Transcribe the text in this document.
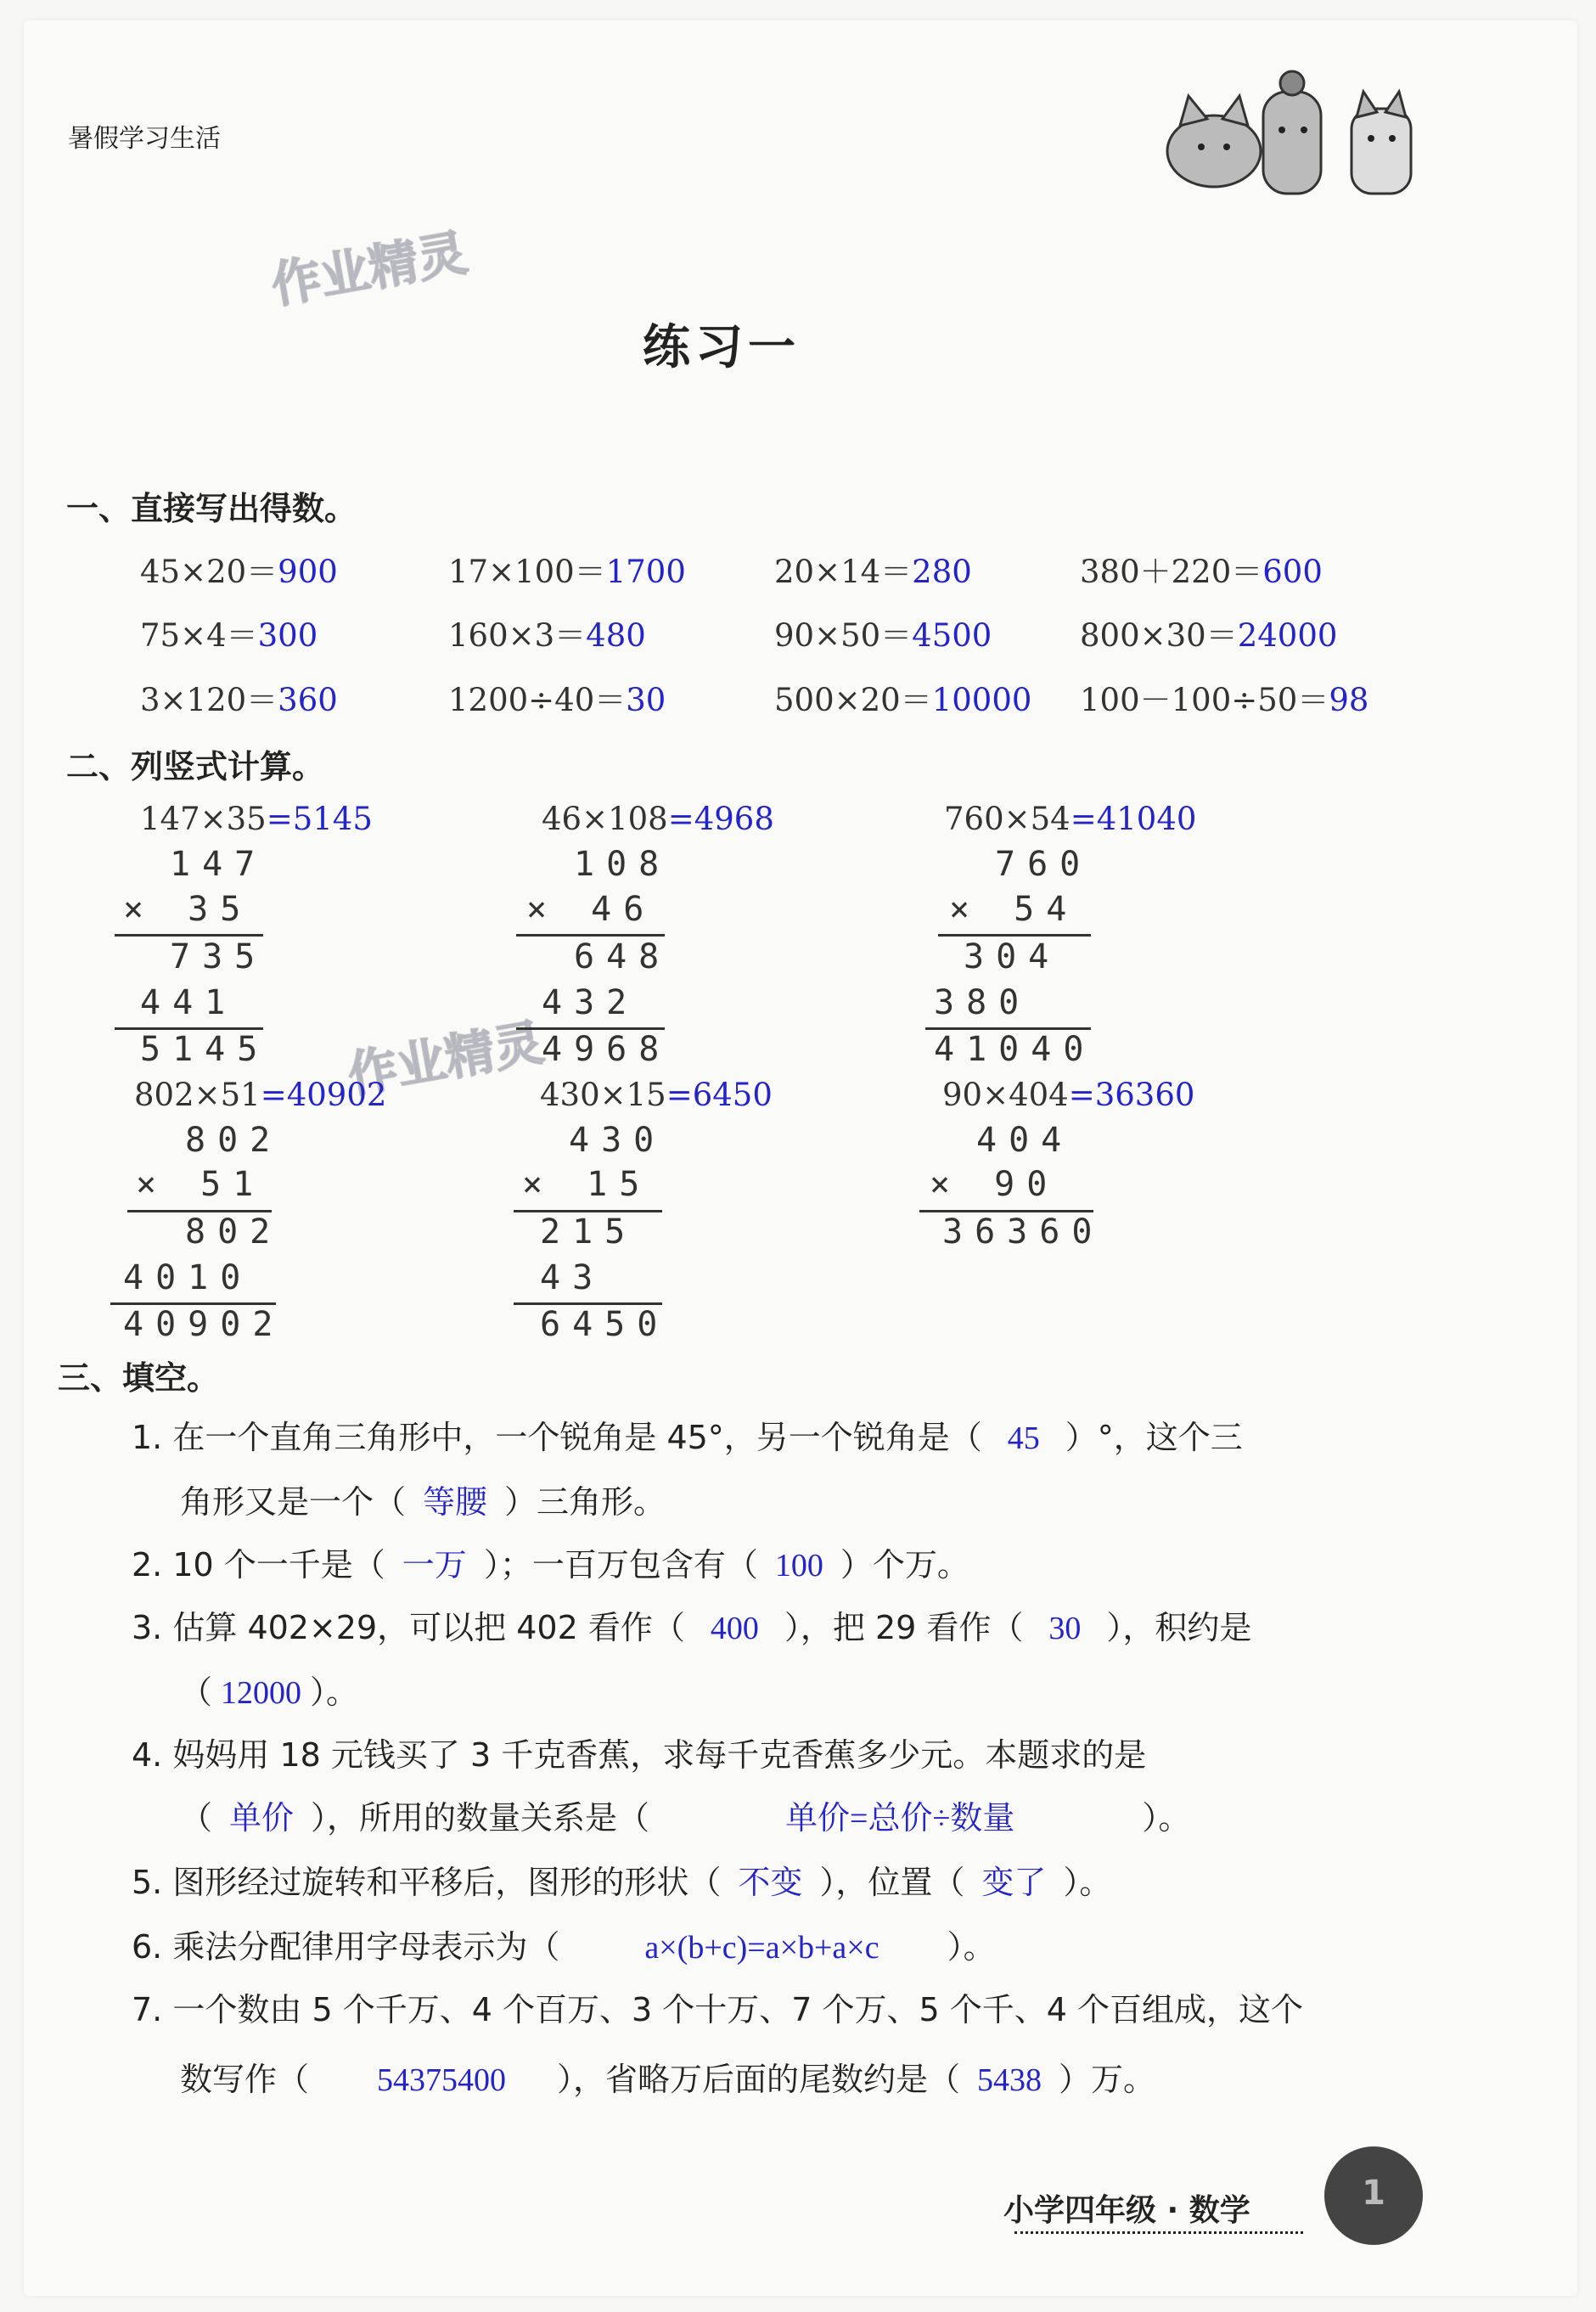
暑假学习生活
作业精灵
作业精灵
练习一
一、直接写出得数。
45×20＝900	17×100＝1700	20×14＝280	380＋220＝600
75×4＝300	160×3＝480	90×50＝4500	800×30＝24000
3×120＝360	1200÷40＝30	500×20＝10000 100－100÷50＝98
二、列竖式计算。
147×35=5145
147
× 35
735
441
5145
46×108=4968
108
× 46
648
432
4968
760×54=41040
760
× 54
304
380
41040
802×51=40902
802
× 51
802
4010
40902
430×15=6450
430
× 15
215
43
6450
90×404=36360
404
× 90
36360
三、填空。
1. 在一个直角三角形中，一个锐角是 45°，另一个锐角是（ 45 ）°，这个三
角形又是一个（ 等腰 ）三角形。
2. 10 个一千是（ 一万 ）；一百万包含有（ 100 ）个万。
3. 估算 402×29，可以把 402 看作（ 400 ），把 29 看作（ 30 ），积约是
（ 12000 ）。
4. 妈妈用 18 元钱买了 3 千克香蕉，求每千克香蕉多少元。本题求的是
（ 单价 ），所用的数量关系是（	单价=总价÷数量	）。
5. 图形经过旋转和平移后，图形的形状（ 不变 ），位置（ 变了 ）。
6. 乘法分配律用字母表示为（	a×(b+c)=a×b+a×c ）。
7. 一个数由 5 个千万、4 个百万、3 个十万、7 个万、5 个千、4 个百组成，这个
数写作（ 54375400 ），省略万后面的尾数约是（ 5438 ）万。
小学四年级 · 数学	1
